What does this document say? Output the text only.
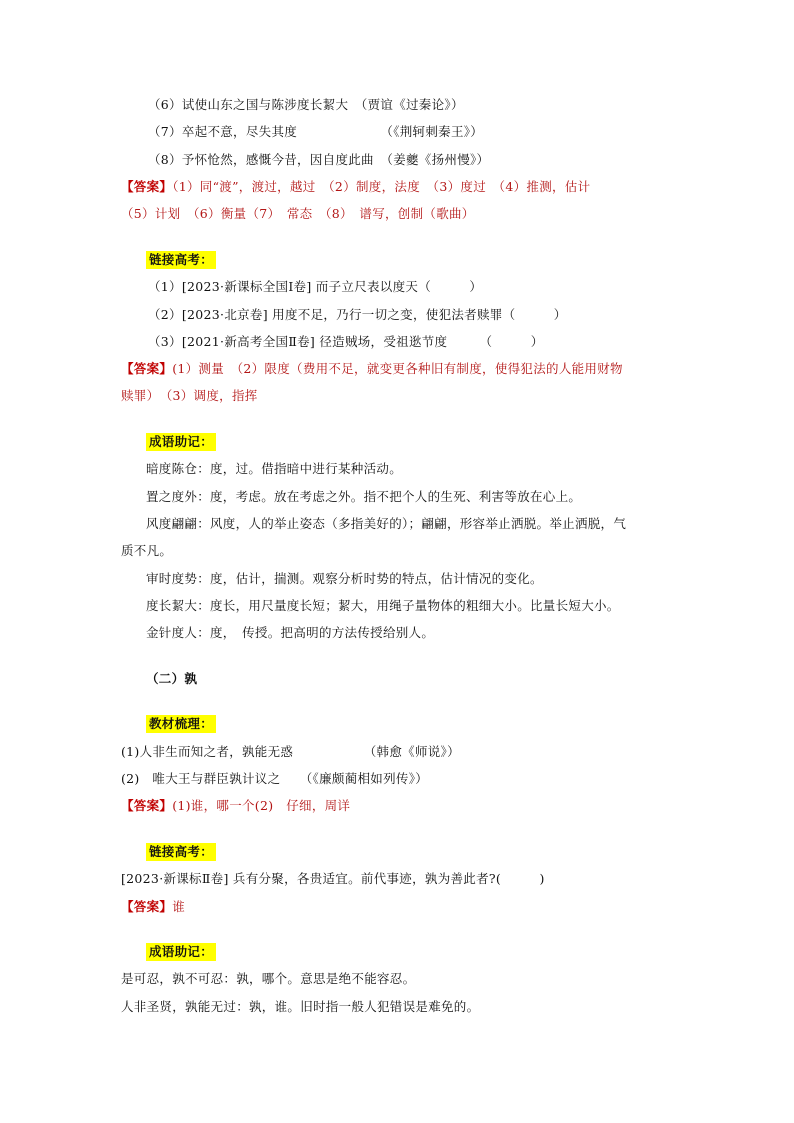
（6）试使山东之国与陈涉度长絜大　（贾谊《过秦论》）
（7）卒起不意，尽失其度　　　　　　　（《荆轲刺秦王》）
（8）予怀怆然，感慨今昔，因自度此曲　（姜夔《扬州慢》）
【答案】（1）同“渡”，渡过，越过　（2）制度，法度　（3）度过　（4）推测，估计
（5）计划　（6）衡量（7）　常态　（8）　谱写，创制（歌曲）
链接高考：
（1）[2023·新课标全国Ⅰ卷] 而子立尺表以度天（　　　）
（2）[2023·北京卷] 用度不足，乃行一切之变，使犯法者赎罪（　　　）
（3）[2021·新高考全国Ⅱ卷] 径造贼场，受祖逖节度　　　（　　　）
【答案】(1）测量　（2）限度（费用不足，就变更各种旧有制度，使得犯法的人能用财物
赎罪）　（3）调度，指挥
成语助记：
暗度陈仓：度，过。借指暗中进行某种活动。
置之度外：度，考虑。放在考虑之外。指不把个人的生死、利害等放在心上。
风度翩翩：风度，人的举止姿态（多指美好的）；翩翩，形容举止洒脱。举止洒脱，气
质不凡。
审时度势：度，估计，揣测。观察分析时势的特点，估计情况的变化。
度长絜大：度长，用尺量度长短；絜大，用绳子量物体的粗细大小。比量长短大小。
金针度人：度，　传授。把高明的方法传授给别人。
（二）孰
教材梳理：
(1)人非生而知之者，孰能无惑　　　　　　（韩愈《师说》）
(2)　唯大王与群臣孰计议之　　（《廉颇蔺相如列传》）
【答案】(1)谁，哪一个(2)　仔细，周详
链接高考：
[2023·新课标Ⅱ卷] 兵有分聚，各贵适宜。前代事迹，孰为善此者?(　　　)
【答案】谁
成语助记：
是可忍，孰不可忍：孰，哪个。意思是绝不能容忍。
人非圣贤，孰能无过：孰，谁。旧时指一般人犯错误是难免的。
